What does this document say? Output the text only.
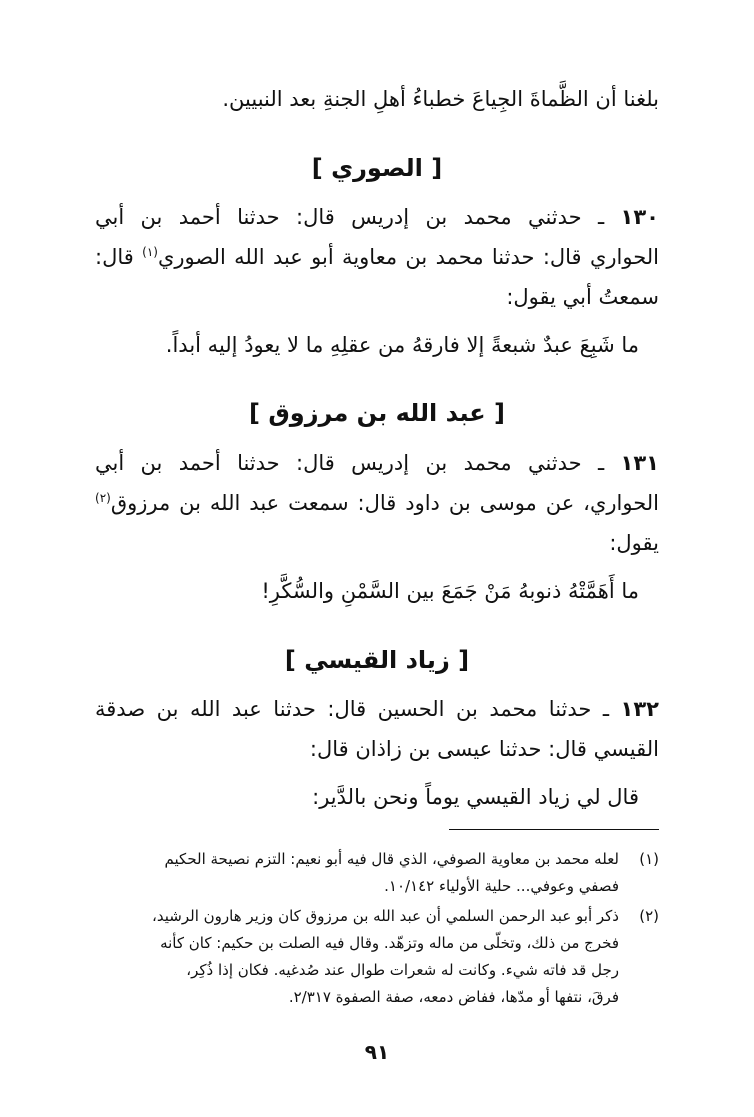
بلغنا أن الظَّماةَ الجِياعَ خطباءُ أهلِ الجنةِ بعد النبيين.
[ الصوري ]
١٣٠ ـ حدثني محمد بن إدريس قال: حدثنا أحمد بن أبي
الحواري قال: حدثنا محمد بن معاوية أبو عبد الله الصوري$^{(١)}$ قال:
سمعتُ أبي يقول:
ما شَبِعَ عبدٌ شبعةً إلا فارقهُ من عقلِهِ ما لا يعودُ إليه أبداً.
[ عبد الله بن مرزوق ]
١٣١ ـ حدثني محمد بن إدريس قال: حدثنا أحمد بن أبي
الحواري، عن موسى بن داود قال: سمعت عبد الله بن مرزوق$^{(٢)}$
يقول:
ما أَهَمَّتْهُ ذنوبهُ مَنْ جَمَعَ بين السَّمْنِ والسُّكَّرِ!
[ زياد القيسي ]
١٣٢ ـ حدثنا محمد بن الحسين قال: حدثنا عبد الله بن صدقة
القيسي قال: حدثنا عيسى بن زاذان قال:
قال لي زياد القيسي يوماً ونحن بالدَّير:
(١)
لعله محمد بن معاوية الصوفي، الذي قال فيه أبو نعيم: التزم نصيحة الحكيم
فصفي وعوفي... حلية الأولياء ١٠/١٤٢.
(٢)
ذكر أبو عبد الرحمن السلمي أن عبد الله بن مرزوق كان وزير هارون الرشيد،
فخرج من ذلك، وتخلّى من ماله وتزهّد. وقال فيه الصلت بن حكيم: كان كأنه
رجل قد فاته شيء. وكانت له شعرات طوال عند صُدغيه. فكان إذا ذُكِر،
فرقَ، نتفها أو مدّها، ففاض دمعه، صفة الصفوة ٢/٣١٧.
٩١
